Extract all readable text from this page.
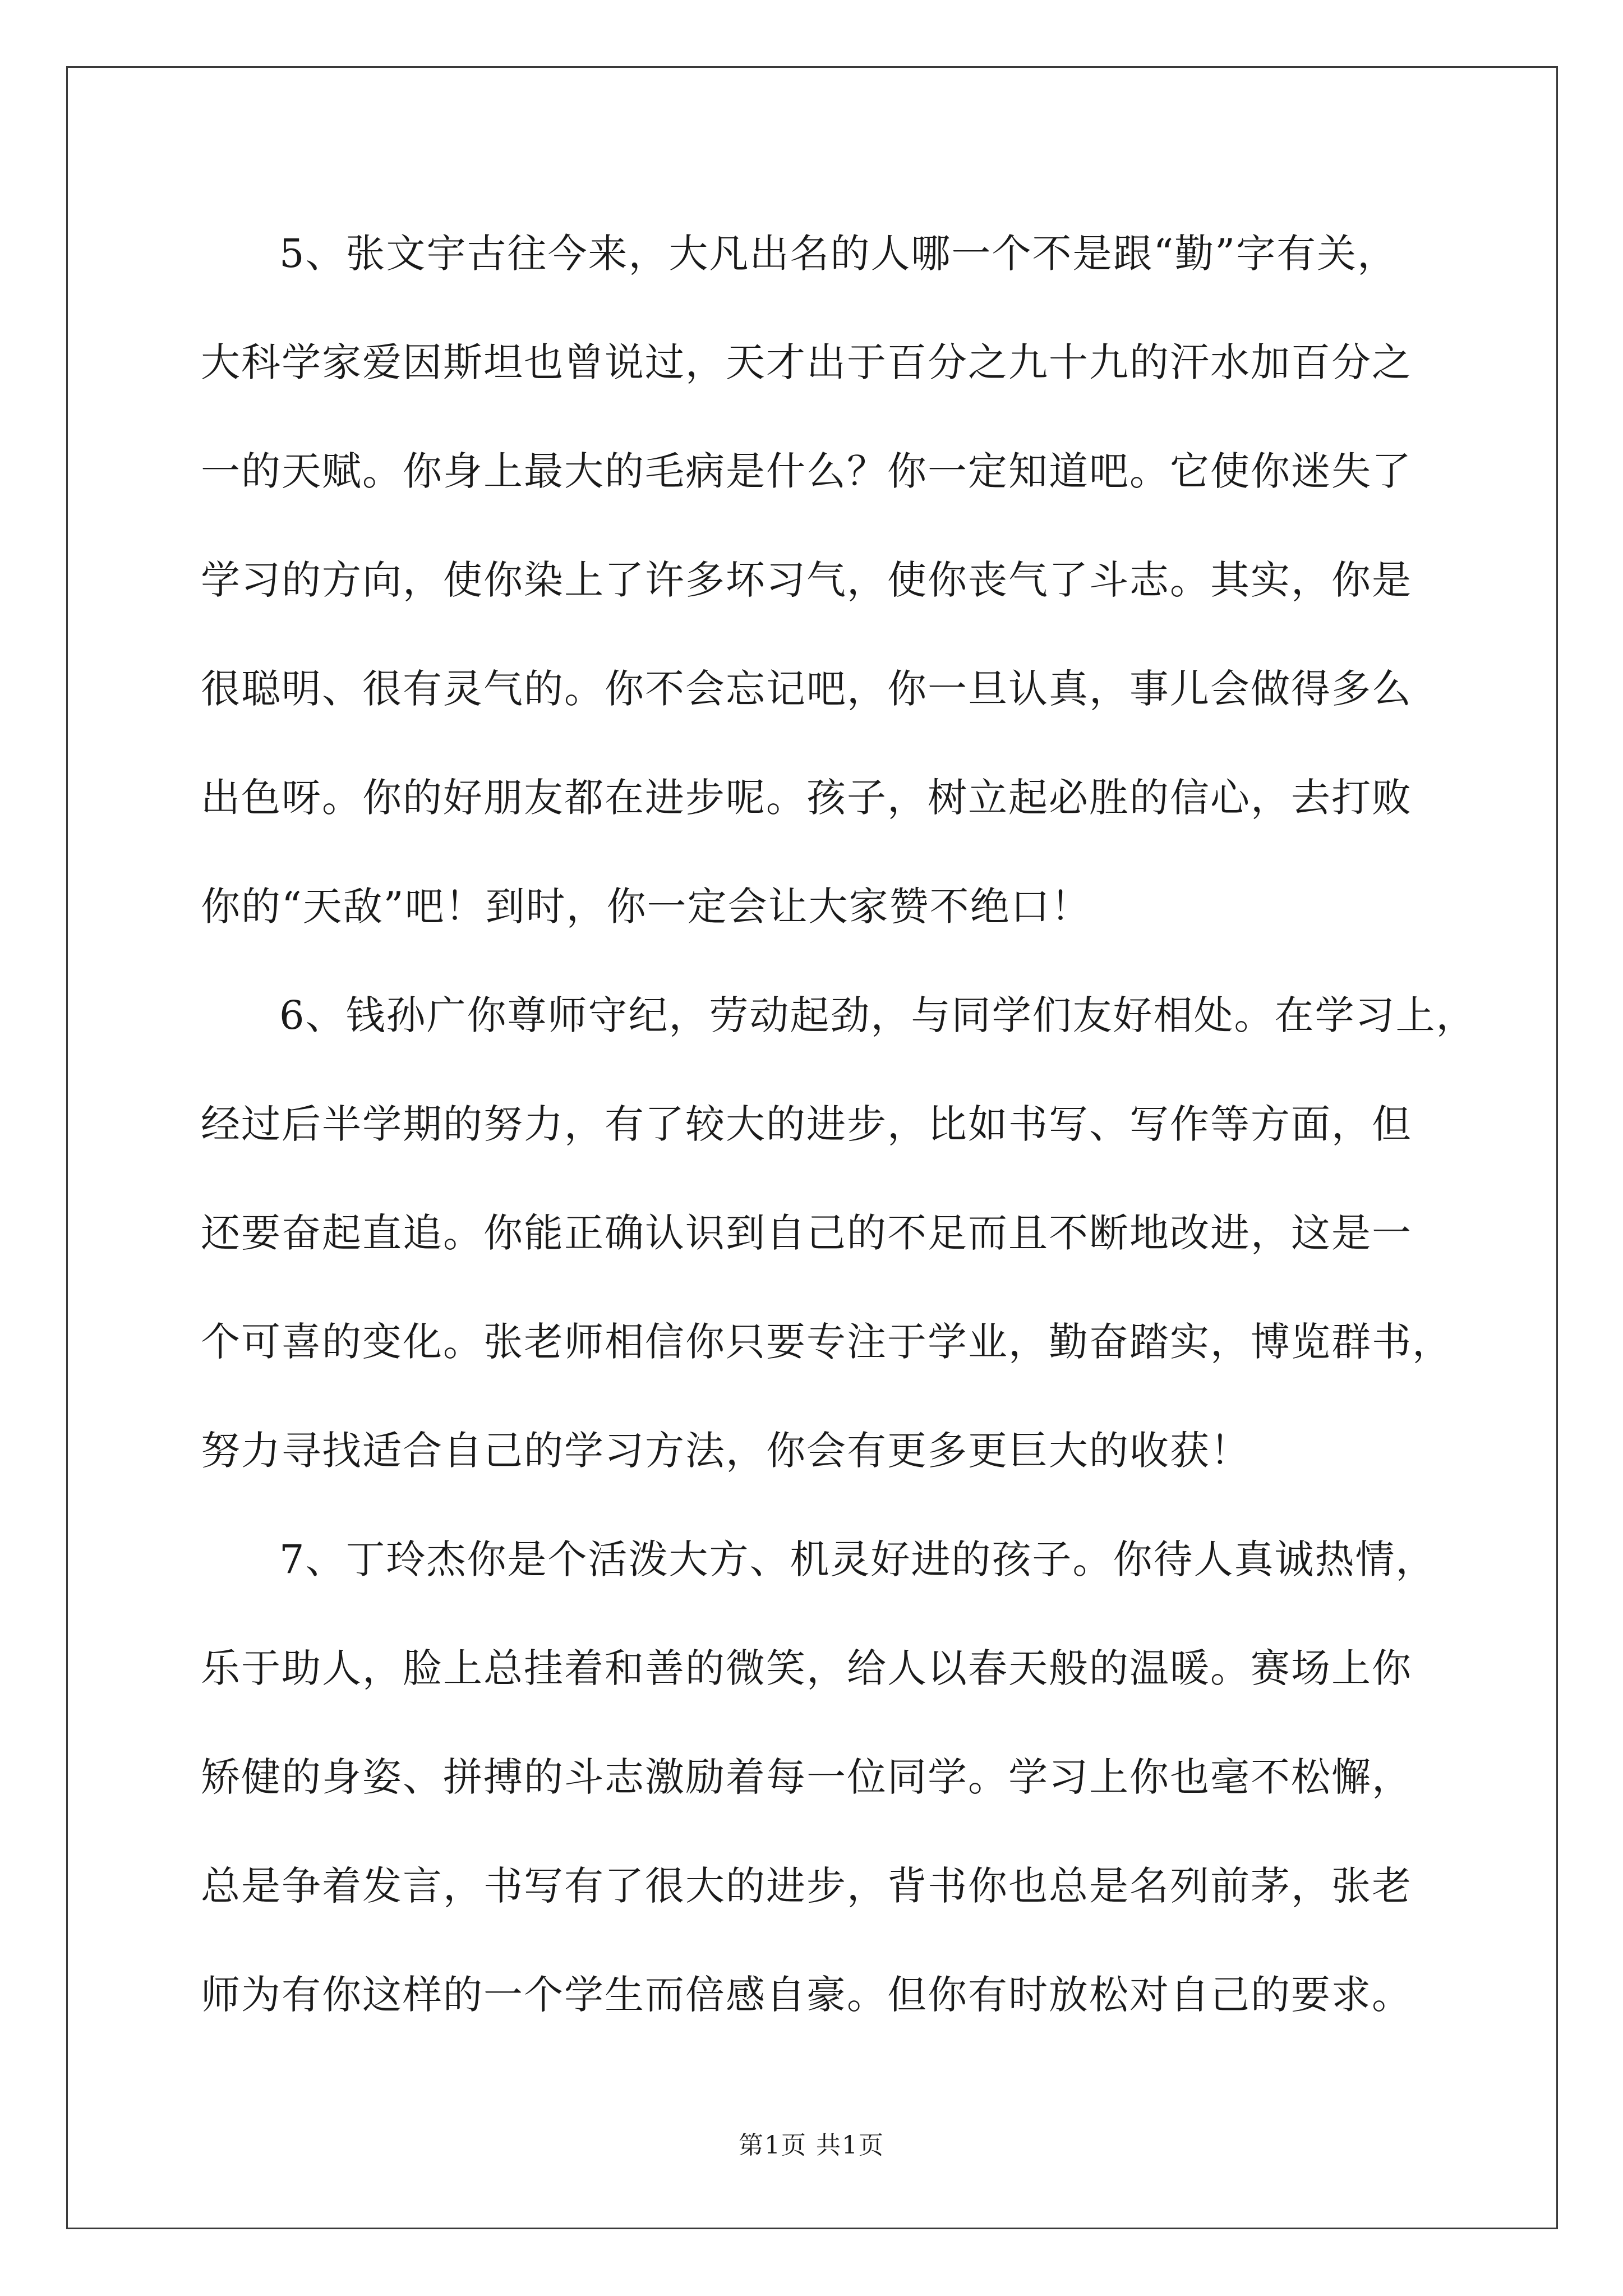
5、张文宇古往今来，大凡出名的人哪一个不是跟“勤”字有关，
大科学家爱因斯坦也曾说过，天才出于百分之九十九的汗水加百分之
一的天赋。你身上最大的毛病是什么？你一定知道吧。它使你迷失了
学习的方向，使你染上了许多坏习气，使你丧气了斗志。其实，你是
很聪明、很有灵气的。你不会忘记吧，你一旦认真，事儿会做得多么
出色呀。你的好朋友都在进步呢。孩子，树立起必胜的信心，去打败
你的“天敌”吧！到时，你一定会让大家赞不绝口！
6、钱孙广你尊师守纪，劳动起劲，与同学们友好相处。在学习上，
经过后半学期的努力，有了较大的进步，比如书写、写作等方面，但
还要奋起直追。你能正确认识到自己的不足而且不断地改进，这是一
个可喜的变化。张老师相信你只要专注于学业，勤奋踏实，博览群书，
努力寻找适合自己的学习方法，你会有更多更巨大的收获！
7、丁玲杰你是个活泼大方、机灵好进的孩子。你待人真诚热情，
乐于助人，脸上总挂着和善的微笑，给人以春天般的温暖。赛场上你
矫健的身姿、拼搏的斗志激励着每一位同学。学习上你也毫不松懈，
总是争着发言，书写有了很大的进步，背书你也总是名列前茅，张老
师为有你这样的一个学生而倍感自豪。但你有时放松对自己的要求。
第1页 共1页
